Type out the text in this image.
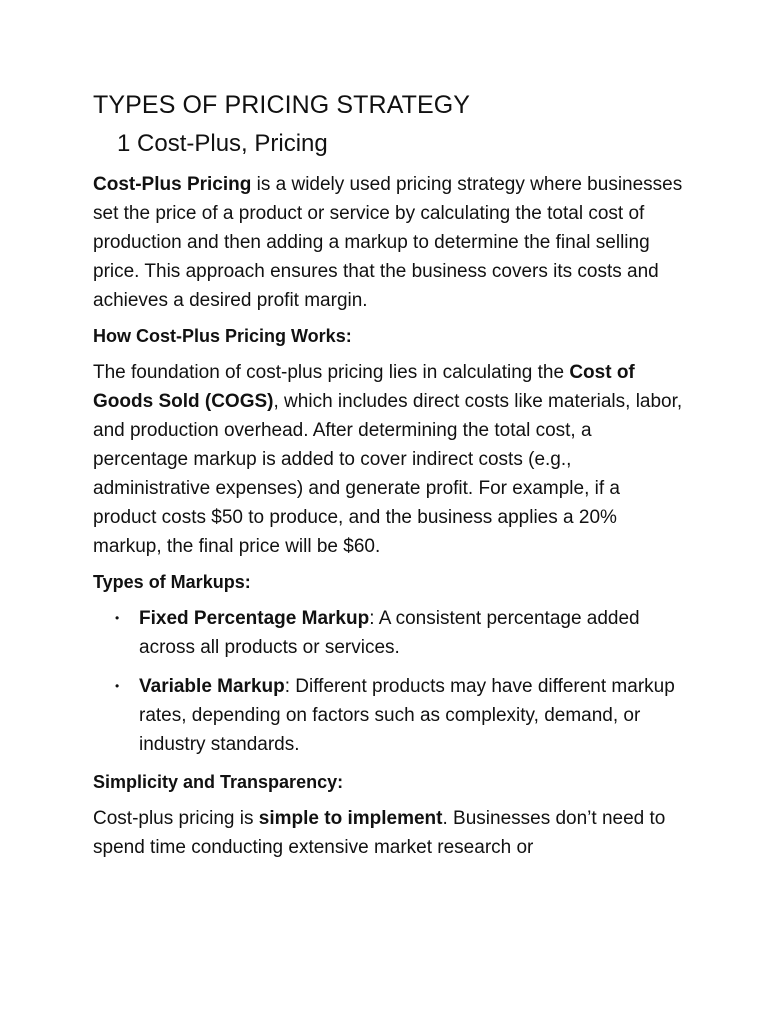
TYPES OF PRICING STRATEGY
1 Cost-Plus, Pricing

Cost-Plus Pricing is a widely used pricing strategy where businesses set the price of a product or service by calculating the total cost of production and then adding a markup to determine the final selling price. This approach ensures that the business covers its costs and achieves a desired profit margin.

How Cost-Plus Pricing Works:

The foundation of cost-plus pricing lies in calculating the Cost of Goods Sold (COGS), which includes direct costs like materials, labor, and production overhead. After determining the total cost, a percentage markup is added to cover indirect costs (e.g., administrative expenses) and generate profit. For example, if a product costs $50 to produce, and the business applies a 20% markup, the final price will be $60.

Types of Markups:
• Fixed Percentage Markup: A consistent percentage added across all products or services.
• Variable Markup: Different products may have different markup rates, depending on factors such as complexity, demand, or industry standards.
Simplicity and Transparency:

Cost-plus pricing is simple to implement. Businesses don’t need to spend time conducting extensive market research or
